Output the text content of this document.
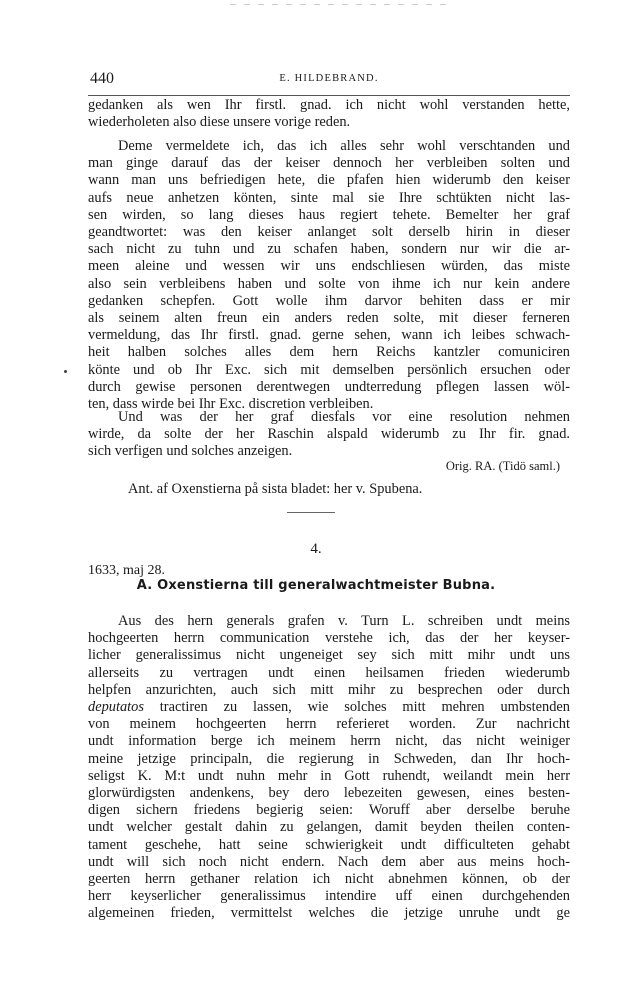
440	E. HILDEBRAND.
gedanken als wen Ihr firstl. gnad. ich nicht wohl verstanden hette,
wiederholeten also diese unsere vorige reden.
Deme vermeldete ich, das ich alles sehr wohl verschtanden und
man ginge darauf das der keiser dennoch her verbleiben solten und
wann man uns befriedigen hete, die pfafen hien widerumb den keiser
aufs neue anhetzen könten, sinte mal sie Ihre schtükten nicht las-
sen wirden, so lang dieses haus regiert tehete. Bemelter her graf
geandtwortet: was den keiser anlanget solt derselb hirin in dieser
sach nicht zu tuhn und zu schafen haben, sondern nur wir die ar-
meen aleine und wessen wir uns endschliesen würden, das miste
also sein verbleibens haben und solte von ihme ich nur kein andere
gedanken schepfen. Gott wolle ihm darvor behiten dass er mir
als seinem alten freun ein anders reden solte, mit dieser ferneren
vermeldung, das Ihr firstl. gnad. gerne sehen, wann ich leibes schwach-
heit halben solches alles dem hern Reichs kantzler comuniciren
könte und ob Ihr Exc. sich mit demselben persönlich ersuchen oder
durch gewise personen derentwegen undterredung pflegen lassen wöl-
ten, dass wirde bei Ihr Exc. discretion verbleiben.
Und was der her graf diesfals vor eine resolution nehmen
wirde, da solte der her Raschin alspald widerumb zu Ihr fir. gnad.
sich verfigen und solches anzeigen.
Orig. RA. (Tidö saml.)
Ant. af Oxenstierna på sista bladet: her v. Spubena.
4.
1633, maj 28.
A. Oxenstierna till generalwachtmeister Bubna.
Aus des hern generals grafen v. Turn L. schreiben undt meins
hochgeerten herrn communication verstehe ich, das der her keyser-
licher generalissimus nicht ungeneiget sey sich mitt mihr undt uns
allerseits zu vertragen undt einen heilsamen frieden wiederumb
helpfen anzurichten, auch sich mitt mihr zu besprechen oder durch
deputatos tractiren zu lassen, wie solches mitt mehren umbstenden
von meinem hochgeerten herrn referieret worden. Zur nachricht
undt information berge ich meinem herrn nicht, das nicht weiniger
meine jetzige principaln, die regierung in Schweden, dan Ihr hoch-
seligst K. M:t undt nuhn mehr in Gott ruhendt, weilandt mein herr
glorwürdigsten andenkens, bey dero lebezeiten gewesen, eines besten-
digen sichern friedens begierig seien: Woruff aber derselbe beruhe
undt welcher gestalt dahin zu gelangen, damit beyden theilen conten-
tament geschehe, hatt seine schwierigkeit undt difficulteten gehabt
undt will sich noch nicht endern. Nach dem aber aus meins hoch-
geerten herrn gethaner relation ich nicht abnehmen können, ob der
herr keyserlicher generalissimus intendire uff einen durchgehenden
algemeinen frieden, vermittelst welches die jetzige unruhe undt ge
